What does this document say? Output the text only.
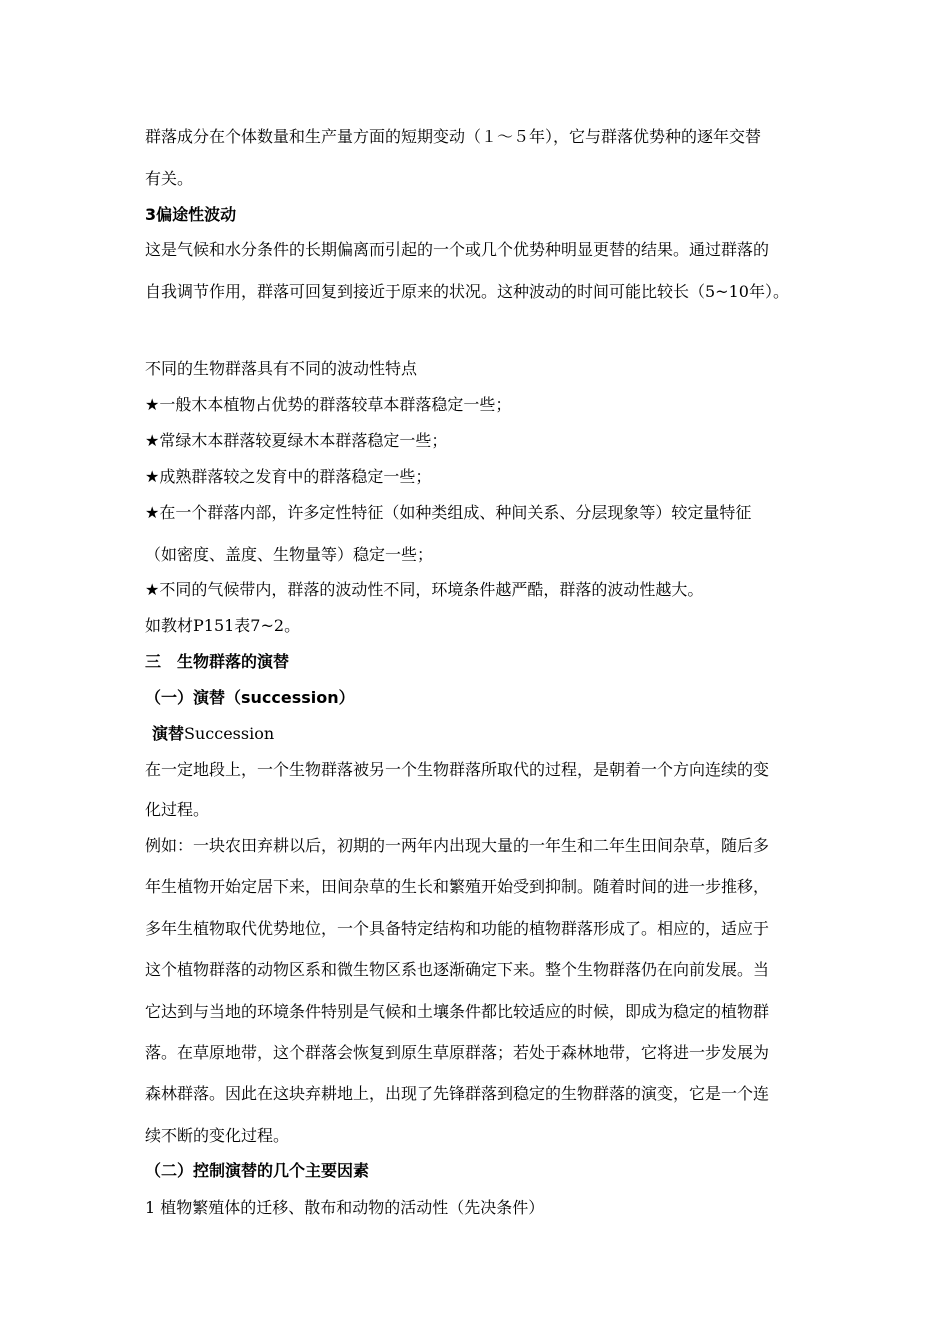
群落成分在个体数量和生产量方面的短期变动（１～５年），它与群落优势种的逐年交替
有关。
3偏途性波动
这是气候和水分条件的长期偏离而引起的一个或几个优势种明显更替的结果。通过群落的
自我调节作用，群落可回复到接近于原来的状况。这种波动的时间可能比较长（5~10年）。
不同的生物群落具有不同的波动性特点
★一般木本植物占优势的群落较草本群落稳定一些；
★常绿木本群落较夏绿木本群落稳定一些；
★成熟群落较之发育中的群落稳定一些；
★在一个群落内部，许多定性特征（如种类组成、种间关系、分层现象等）较定量特征
（如密度、盖度、生物量等）稳定一些；
★不同的气候带内，群落的波动性不同，环境条件越严酷，群落的波动性越大。
如教材P151表7~2。
三　生物群落的演替
（一）演替（succession）
演替Succession
在一定地段上，一个生物群落被另一个生物群落所取代的过程，是朝着一个方向连续的变
化过程。
例如：一块农田弃耕以后，初期的一两年内出现大量的一年生和二年生田间杂草，随后多
年生植物开始定居下来，田间杂草的生长和繁殖开始受到抑制。随着时间的进一步推移，
多年生植物取代优势地位，一个具备特定结构和功能的植物群落形成了。相应的，适应于
这个植物群落的动物区系和微生物区系也逐渐确定下来。整个生物群落仍在向前发展。当
它达到与当地的环境条件特别是气候和土壤条件都比较适应的时候，即成为稳定的植物群
落。在草原地带，这个群落会恢复到原生草原群落；若处于森林地带，它将进一步发展为
森林群落。因此在这块弃耕地上，出现了先锋群落到稳定的生物群落的演变，它是一个连
续不断的变化过程。
（二）控制演替的几个主要因素
1 植物繁殖体的迁移、散布和动物的活动性（先决条件）
